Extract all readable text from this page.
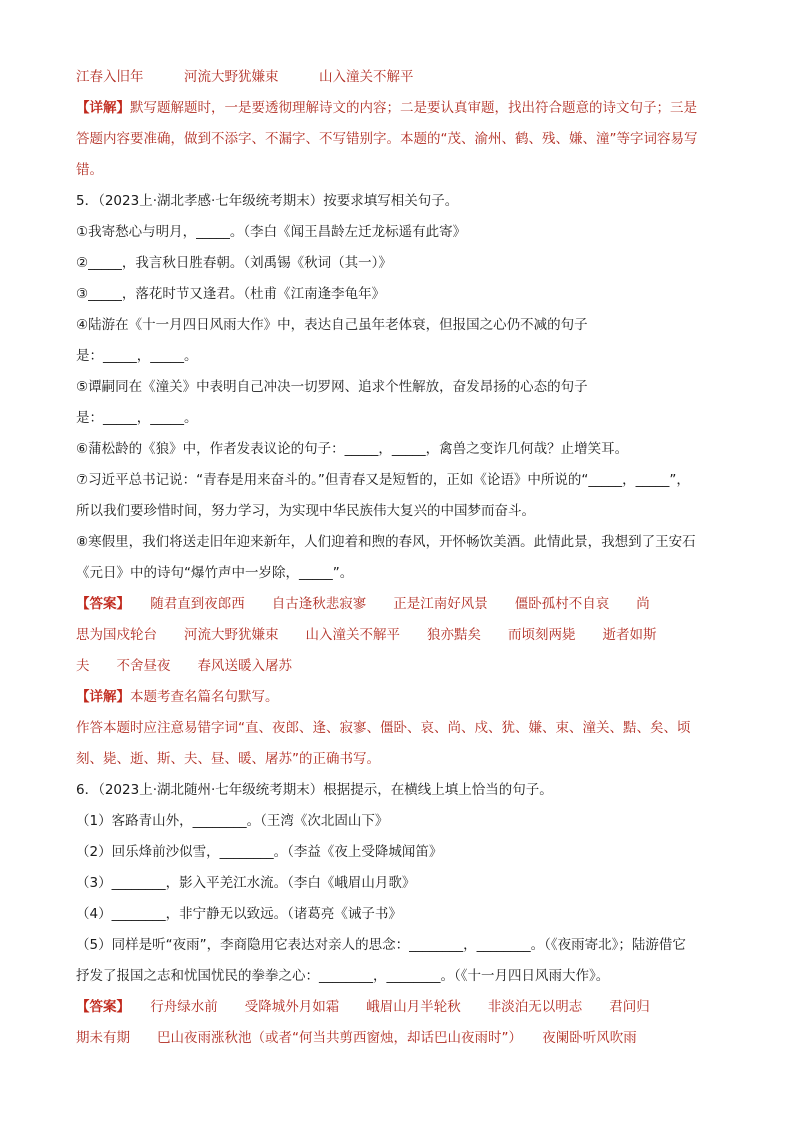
江春入旧年　　　河流大野犹嫌束　　　山入潼关不解平
【详解】默写题解题时，一是要透彻理解诗文的内容；二是要认真审题，找出符合题意的诗文句子；三是
答题内容要准确，做到不添字、不漏字、不写错别字。本题的“茂、渝州、鹤、残、嫌、潼”等字词容易写
错。
5．（2023上·湖北孝感·七年级统考期末）按要求填写相关句子。
①我寄愁心与明月，_____。（李白《闻王昌龄左迁龙标遥有此寄》
②_____，我言秋日胜春朝。（刘禹锡《秋词（其一）》
③_____，落花时节又逢君。（杜甫《江南逢李龟年》
④陆游在《十一月四日风雨大作》中，表达自己虽年老体衰，但报国之心仍不减的句子
是：_____，_____。
⑤谭嗣同在《潼关》中表明自己冲决一切罗网、追求个性解放，奋发昂扬的心态的句子
是：_____，_____。
⑥蒲松龄的《狼》中，作者发表议论的句子：_____，_____，禽兽之变诈几何哉？止增笑耳。
⑦习近平总书记说：“青春是用来奋斗的。”但青春又是短暂的，正如《论语》中所说的“_____，_____”，
所以我们要珍惜时间，努力学习，为实现中华民族伟大复兴的中国梦而奋斗。
⑧寒假里，我们将送走旧年迎来新年，人们迎着和煦的春风，开怀畅饮美酒。此情此景，我想到了王安石
《元日》中的诗句“爆竹声中一岁除，_____”。
【答案】　　随君直到夜郎西　　自古逢秋悲寂寥　　正是江南好风景　　僵卧孤村不自哀　　尚
思为国戍轮台　　河流大野犹嫌束　　山入潼关不解平　　狼亦黠矣　　而顷刻两毙　　逝者如斯
夫　　不舍昼夜　　春风送暖入屠苏
【详解】本题考查名篇名句默写。
作答本题时应注意易错字词“直、夜郎、逢、寂寥、僵卧、哀、尚、戍、犹、嫌、束、潼关、黠、矣、顷
刻、毙、逝、斯、夫、昼、暖、屠苏”的正确书写。
6．（2023上·湖北随州·七年级统考期末）根据提示，在横线上填上恰当的句子。
（1）客路青山外，________。（王湾《次北固山下》
（2）回乐烽前沙似雪，________。（李益《夜上受降城闻笛》
（3）________，影入平羌江水流。（李白《峨眉山月歌》
（4）________，非宁静无以致远。（诸葛亮《诫子书》
（5）同样是听“夜雨”，李商隐用它表达对亲人的思念：________，________。（《夜雨寄北》；陆游借它
抒发了报国之志和忧国忧民的拳拳之心：________，________。（《十一月四日风雨大作》。
【答案】　　行舟绿水前　　受降城外月如霜　　峨眉山月半轮秋　　非淡泊无以明志　　君问归
期未有期　　巴山夜雨涨秋池（或者“何当共剪西窗烛，却话巴山夜雨时”）　　夜阑卧听风吹雨
